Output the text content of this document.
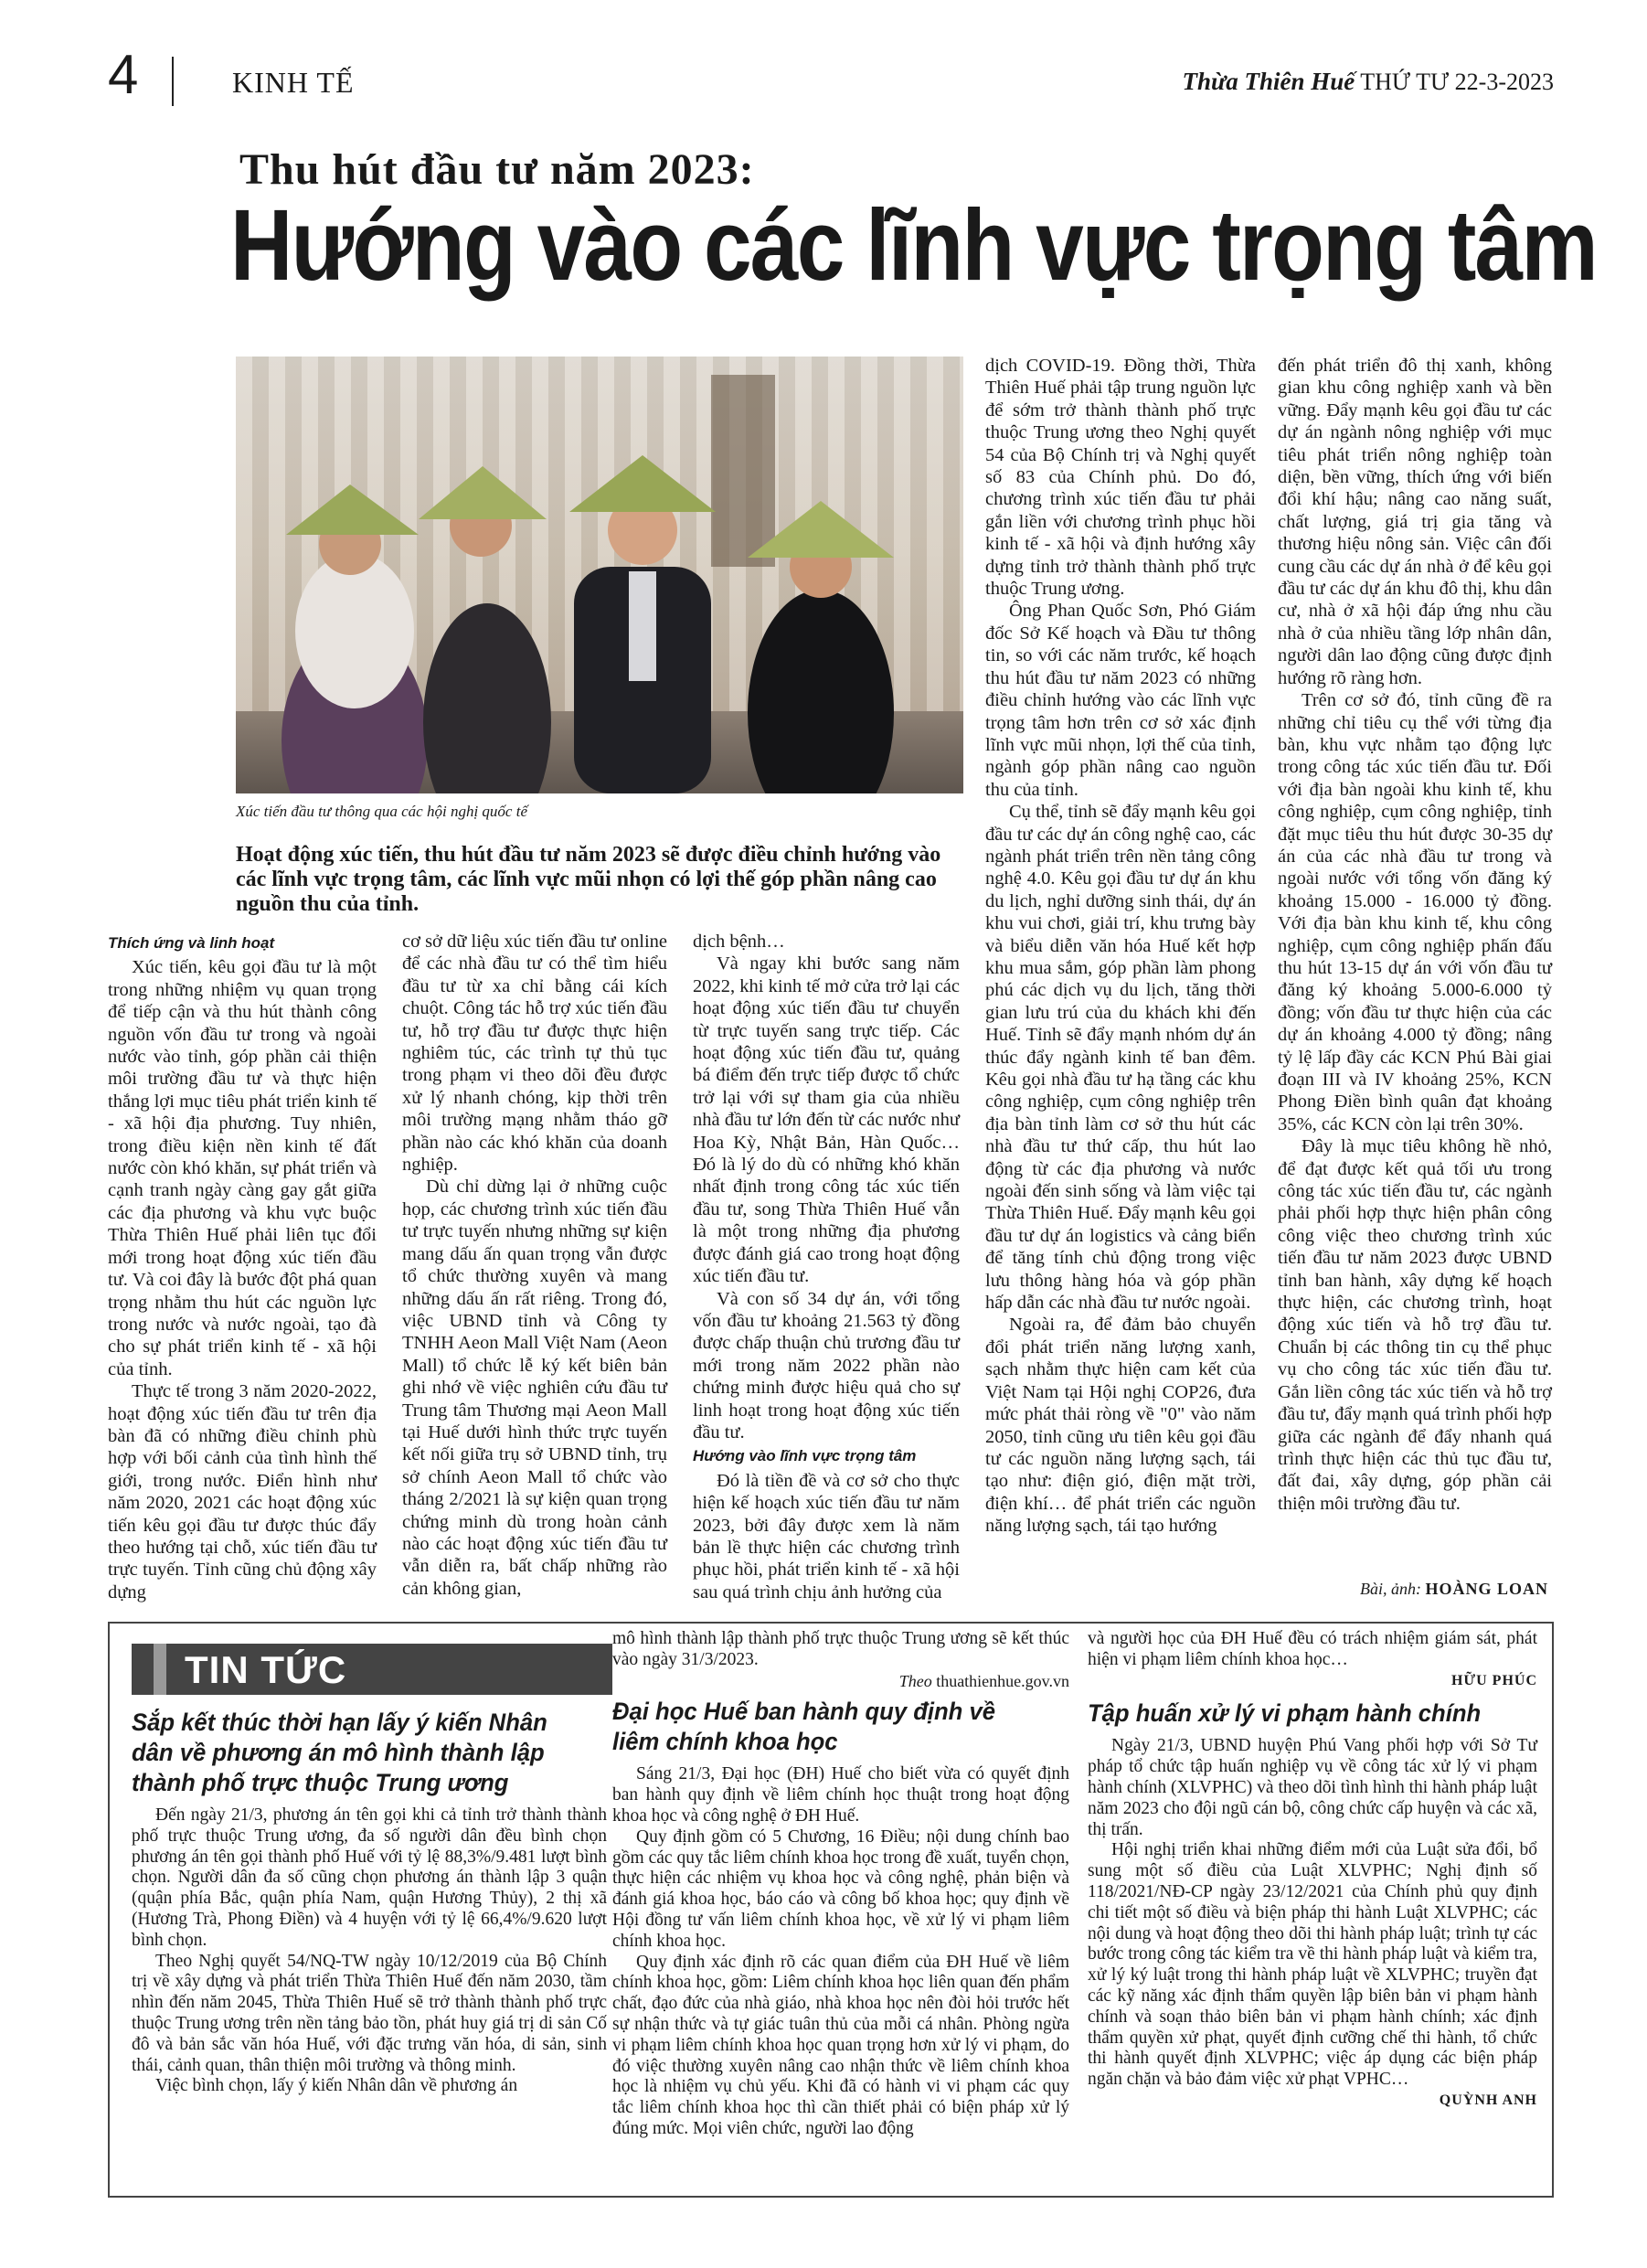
4	KINH TẾ	Thừa Thiên Huế THỨ TƯ 22-3-2023
Thu hút đầu tư năm 2023:
Hướng vào các lĩnh vực trọng tâm
Xúc tiến đầu tư thông qua các hội nghị quốc tế
Hoạt động xúc tiến, thu hút đầu tư năm 2023 sẽ được điều chỉnh hướng vào các lĩnh vực trọng tâm, các lĩnh vực mũi nhọn có lợi thế góp phần nâng cao nguồn thu của tỉnh.

Thích ứng và linh hoạt

Xúc tiến, kêu gọi đầu tư là một trong những nhiệm vụ quan trọng để tiếp cận và thu hút thành công nguồn vốn đầu tư trong và ngoài nước vào tỉnh, góp phần cải thiện môi trường đầu tư và thực hiện thắng lợi mục tiêu phát triển kinh tế - xã hội địa phương. Tuy nhiên, trong điều kiện nền kinh tế đất nước còn khó khăn, sự phát triển và cạnh tranh ngày càng gay gắt giữa các địa phương và khu vực buộc Thừa Thiên Huế phải liên tục đổi mới trong hoạt động xúc tiến đầu tư. Và coi đây là bước đột phá quan trọng nhằm thu hút các nguồn lực trong nước và nước ngoài, tạo đà cho sự phát triển kinh tế - xã hội của tỉnh.

Thực tế trong 3 năm 2020-2022, hoạt động xúc tiến đầu tư trên địa bàn đã có những điều chỉnh phù hợp với bối cảnh của tình hình thế giới, trong nước. Điển hình như năm 2020, 2021 các hoạt động xúc tiến kêu gọi đầu tư được thúc đẩy theo hướng tại chỗ, xúc tiến đầu tư trực tuyến. Tỉnh cũng chủ động xây dựng

cơ sở dữ liệu xúc tiến đầu tư online để các nhà đầu tư có thể tìm hiểu đầu tư từ xa chỉ bằng cái kích chuột. Công tác hỗ trợ xúc tiến đầu tư, hỗ trợ đầu tư được thực hiện nghiêm túc, các trình tự thủ tục trong phạm vi theo dõi đều được xử lý nhanh chóng, kịp thời trên môi trường mạng nhằm tháo gỡ phần nào các khó khăn của doanh nghiệp.

Dù chỉ dừng lại ở những cuộc họp, các chương trình xúc tiến đầu tư trực tuyến nhưng những sự kiện mang dấu ấn quan trọng vẫn được tổ chức thường xuyên và mang những dấu ấn rất riêng. Trong đó, việc UBND tỉnh và Công ty TNHH Aeon Mall Việt Nam (Aeon Mall) tổ chức lễ ký kết biên bản ghi nhớ về việc nghiên cứu đầu tư Trung tâm Thương mại Aeon Mall tại Huế dưới hình thức trực tuyến kết nối giữa trụ sở UBND tỉnh, trụ sở chính Aeon Mall tổ chức vào tháng 2/2021 là sự kiện quan trọng chứng minh dù trong hoàn cảnh nào các hoạt động xúc tiến đầu tư vẫn diễn ra, bất chấp những rào cản không gian,

dịch bệnh…

Và ngay khi bước sang năm 2022, khi kinh tế mở cửa trở lại các hoạt động xúc tiến đầu tư chuyển từ trực tuyến sang trực tiếp. Các hoạt động xúc tiến đầu tư, quảng bá điểm đến trực tiếp được tổ chức trở lại với sự tham gia của nhiều nhà đầu tư lớn đến từ các nước như Hoa Kỳ, Nhật Bản, Hàn Quốc… Đó là lý do dù có những khó khăn nhất định trong công tác xúc tiến đầu tư, song Thừa Thiên Huế vẫn là một trong những địa phương được đánh giá cao trong hoạt động xúc tiến đầu tư.

Và con số 34 dự án, với tổng vốn đầu tư khoảng 21.563 tỷ đồng được chấp thuận chủ trương đầu tư mới trong năm 2022 phần nào chứng minh được hiệu quả cho sự linh hoạt trong hoạt động xúc tiến đầu tư.

Hướng vào lĩnh vực trọng tâm

Đó là tiền đề và cơ sở cho thực hiện kế hoạch xúc tiến đầu tư năm 2023, bởi đây được xem là năm bản lề thực hiện các chương trình phục hồi, phát triển kinh tế - xã hội sau quá trình chịu ảnh hưởng của

dịch COVID-19. Đồng thời, Thừa Thiên Huế phải tập trung nguồn lực để sớm trở thành thành phố trực thuộc Trung ương theo Nghị quyết 54 của Bộ Chính trị và Nghị quyết số 83 của Chính phủ. Do đó, chương trình xúc tiến đầu tư phải gắn liền với chương trình phục hồi kinh tế - xã hội và định hướng xây dựng tỉnh trở thành thành phố trực thuộc Trung ương.

Ông Phan Quốc Sơn, Phó Giám đốc Sở Kế hoạch và Đầu tư thông tin, so với các năm trước, kế hoạch thu hút đầu tư năm 2023 có những điều chỉnh hướng vào các lĩnh vực trọng tâm hơn trên cơ sở xác định lĩnh vực mũi nhọn, lợi thế của tỉnh, ngành góp phần nâng cao nguồn thu của tỉnh.

Cụ thể, tỉnh sẽ đẩy mạnh kêu gọi đầu tư các dự án công nghệ cao, các ngành phát triển trên nền tảng công nghệ 4.0. Kêu gọi đầu tư dự án khu du lịch, nghỉ dưỡng sinh thái, dự án khu vui chơi, giải trí, khu trưng bày và biểu diễn văn hóa Huế kết hợp khu mua sắm, góp phần làm phong phú các dịch vụ du lịch, tăng thời gian lưu trú của du khách khi đến Huế. Tỉnh sẽ đẩy mạnh nhóm dự án thúc đẩy ngành kinh tế ban đêm. Kêu gọi nhà đầu tư hạ tầng các khu công nghiệp, cụm công nghiệp trên địa bàn tỉnh làm cơ sở thu hút các nhà đầu tư thứ cấp, thu hút lao động từ các địa phương và nước ngoài đến sinh sống và làm việc tại Thừa Thiên Huế. Đẩy mạnh kêu gọi đầu tư dự án logistics và cảng biển để tăng tính chủ động trong việc lưu thông hàng hóa và góp phần hấp dẫn các nhà đầu tư nước ngoài.

Ngoài ra, để đảm bảo chuyển đổi phát triển năng lượng xanh, sạch nhằm thực hiện cam kết của Việt Nam tại Hội nghị COP26, đưa mức phát thải ròng về "0" vào năm 2050, tỉnh cũng ưu tiên kêu gọi đầu tư các nguồn năng lượng sạch, tái tạo như: điện gió, điện mặt trời, điện khí… để phát triển các nguồn năng lượng sạch, tái tạo hướng

đến phát triển đô thị xanh, không gian khu công nghiệp xanh và bền vững. Đẩy mạnh kêu gọi đầu tư các dự án ngành nông nghiệp với mục tiêu phát triển nông nghiệp toàn diện, bền vững, thích ứng với biến đổi khí hậu; nâng cao năng suất, chất lượng, giá trị gia tăng và thương hiệu nông sản. Việc cân đối cung cầu các dự án nhà ở để kêu gọi đầu tư các dự án khu đô thị, khu dân cư, nhà ở xã hội đáp ứng nhu cầu nhà ở của nhiều tầng lớp nhân dân, người dân lao động cũng được định hướng rõ ràng hơn.

Trên cơ sở đó, tỉnh cũng đề ra những chỉ tiêu cụ thể với từng địa bàn, khu vực nhằm tạo động lực trong công tác xúc tiến đầu tư. Đối với địa bàn ngoài khu kinh tế, khu công nghiệp, cụm công nghiệp, tỉnh đặt mục tiêu thu hút được 30-35 dự án của các nhà đầu tư trong và ngoài nước với tổng vốn đăng ký khoảng 15.000 - 16.000 tỷ đồng. Với địa bàn khu kinh tế, khu công nghiệp, cụm công nghiệp phấn đấu thu hút 13-15 dự án với vốn đầu tư đăng ký khoảng 5.000-6.000 tỷ đồng; vốn đầu tư thực hiện của các dự án khoảng 4.000 tỷ đồng; nâng tỷ lệ lấp đầy các KCN Phú Bài giai đoạn III và IV khoảng 25%, KCN Phong Điền bình quân đạt khoảng 35%, các KCN còn lại trên 30%.

Đây là mục tiêu không hề nhỏ, để đạt được kết quả tối ưu trong công tác xúc tiến đầu tư, các ngành phải phối hợp thực hiện phân công công việc theo chương trình xúc tiến đầu tư năm 2023 được UBND tỉnh ban hành, xây dựng kế hoạch thực hiện, các chương trình, hoạt động xúc tiến và hỗ trợ đầu tư. Chuẩn bị các thông tin cụ thể phục vụ cho công tác xúc tiến đầu tư. Gắn liền công tác xúc tiến và hỗ trợ đầu tư, đẩy mạnh quá trình phối hợp giữa các ngành để đẩy nhanh quá trình thực hiện các thủ tục đầu tư, đất đai, xây dựng, góp phần cải thiện môi trường đầu tư.

Bài, ảnh: HOÀNG LOAN
TIN TỨC

Sắp kết thúc thời hạn lấy ý kiến Nhân dân về phương án mô hình thành lập thành phố trực thuộc Trung ương

Đến ngày 21/3, phương án tên gọi khi cả tỉnh trở thành thành phố trực thuộc Trung ương, đa số người dân đều bình chọn phương án tên gọi thành phố Huế với tỷ lệ 88,3%/9.481 lượt bình chọn. Người dân đa số cũng chọn phương án thành lập 3 quận (quận phía Bắc, quận phía Nam, quận Hương Thủy), 2 thị xã (Hương Trà, Phong Điền) và 4 huyện với tỷ lệ 66,4%/9.620 lượt bình chọn.

Theo Nghị quyết 54/NQ-TW ngày 10/12/2019 của Bộ Chính trị về xây dựng và phát triển Thừa Thiên Huế đến năm 2030, tầm nhìn đến năm 2045, Thừa Thiên Huế sẽ trở thành thành phố trực thuộc Trung ương trên nền tảng bảo tồn, phát huy giá trị di sản Cố đô và bản sắc văn hóa Huế, với đặc trưng văn hóa, di sản, sinh thái, cảnh quan, thân thiện môi trường và thông minh.

Việc bình chọn, lấy ý kiến Nhân dân về phương án

mô hình thành lập thành phố trực thuộc Trung ương sẽ kết thúc vào ngày 31/3/2023.

Theo thuathienhue.gov.vn

Đại học Huế ban hành quy định về liêm chính khoa học

Sáng 21/3, Đại học (ĐH) Huế cho biết vừa có quyết định ban hành quy định về liêm chính học thuật trong hoạt động khoa học và công nghệ ở ĐH Huế.

Quy định gồm có 5 Chương, 16 Điều; nội dung chính bao gồm các quy tắc liêm chính khoa học trong đề xuất, tuyển chọn, thực hiện các nhiệm vụ khoa học và công nghệ, phản biện và đánh giá khoa học, báo cáo và công bố khoa học; quy định về Hội đồng tư vấn liêm chính khoa học, về xử lý vi phạm liêm chính khoa học.

Quy định xác định rõ các quan điểm của ĐH Huế về liêm chính khoa học, gồm: Liêm chính khoa học liên quan đến phẩm chất, đạo đức của nhà giáo, nhà khoa học nên đòi hỏi trước hết sự nhận thức và tự giác tuân thủ của mỗi cá nhân. Phòng ngừa vi phạm liêm chính khoa học quan trọng hơn xử lý vi phạm, do đó việc thường xuyên nâng cao nhận thức về liêm chính khoa học là nhiệm vụ chủ yếu. Khi đã có hành vi vi phạm các quy tắc liêm chính khoa học thì cần thiết phải có biện pháp xử lý đúng mức. Mọi viên chức, người lao động

và người học của ĐH Huế đều có trách nhiệm giám sát, phát hiện vi phạm liêm chính khoa học…

HỮU PHÚC

Tập huấn xử lý vi phạm hành chính

Ngày 21/3, UBND huyện Phú Vang phối hợp với Sở Tư pháp tổ chức tập huấn nghiệp vụ về công tác xử lý vi phạm hành chính (XLVPHC) và theo dõi tình hình thi hành pháp luật năm 2023 cho đội ngũ cán bộ, công chức cấp huyện và các xã, thị trấn.

Hội nghị triển khai những điểm mới của Luật sửa đổi, bổ sung một số điều của Luật XLVPHC; Nghị định số 118/2021/NĐ-CP ngày 23/12/2021 của Chính phủ quy định chi tiết một số điều và biện pháp thi hành Luật XLVPHC; các nội dung và hoạt động theo dõi thi hành pháp luật; trình tự các bước trong công tác kiểm tra về thi hành pháp luật và kiểm tra, xử lý ký luật trong thi hành pháp luật về XLVPHC; truyền đạt các kỹ năng xác định thẩm quyền lập biên bản vi phạm hành chính và soạn thảo biên bản vi phạm hành chính; xác định thẩm quyền xử phạt, quyết định cưỡng chế thi hành, tổ chức thi hành quyết định XLVPHC; việc áp dụng các biện pháp ngăn chặn và bảo đảm việc xử phạt VPHC…

QUỲNH ANH
